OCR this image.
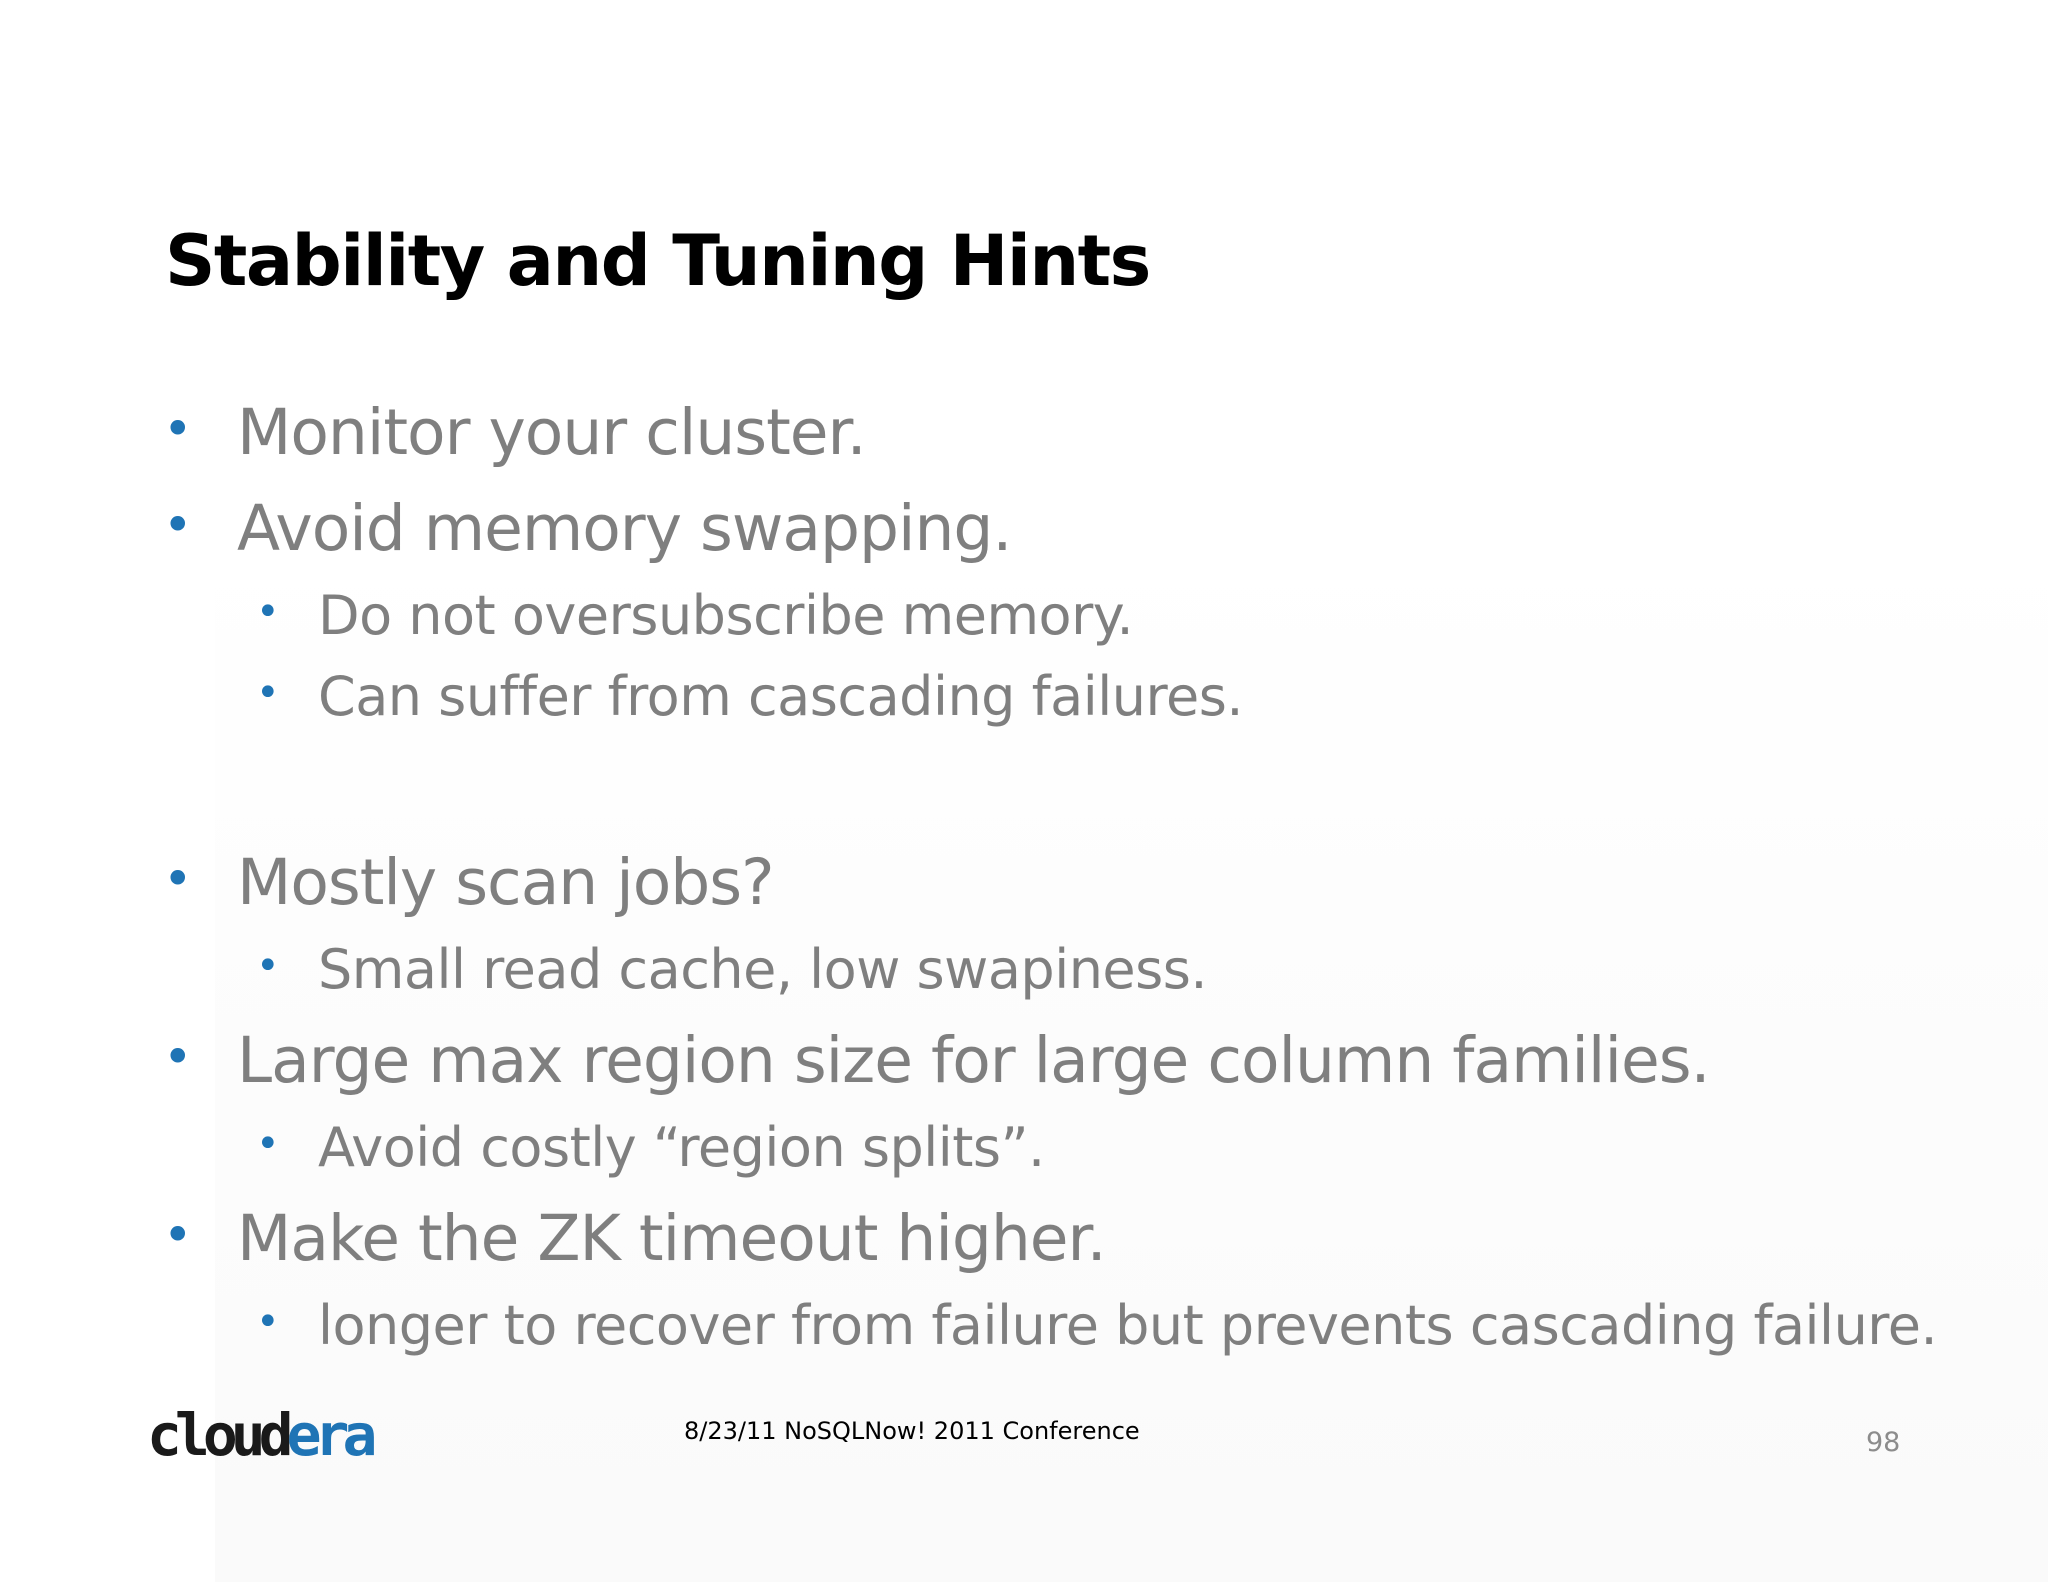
Stability and Tuning Hints
• Monitor your cluster.
• Avoid memory swapping.
• Do not oversubscribe memory.
• Can suffer from cascading failures.
• Mostly scan jobs?
• Small read cache, low swapiness.
• Large max region size for large column families.
• Avoid costly “region splits”.
• Make the ZK timeout higher.
• longer to recover from failure but prevents cascading failure.
cloudera	8/23/11 NoSQLNow! 2011 Conference	98
